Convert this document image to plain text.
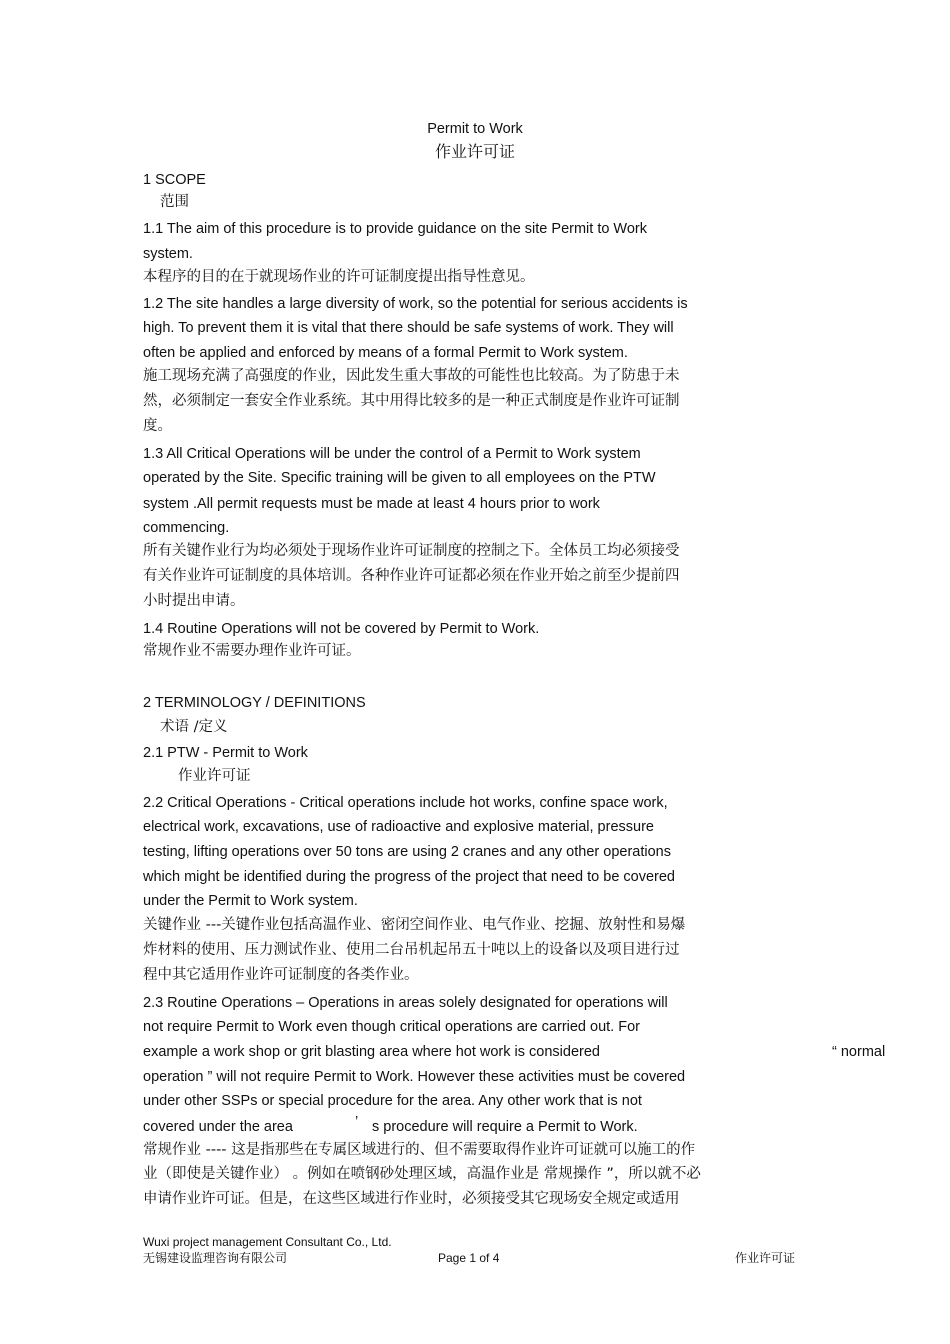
Permit to Work
作业许可证
1 SCOPE
范围
1.1 The aim of this procedure is to provide guidance on the site Permit to Work
system.
本程序的目的在于就现场作业的许可证制度提出指导性意见。
1.2 The site handles a large diversity of work, so the potential for serious accidents is
high. To prevent them it is vital that there should be safe systems of work. They will
often be applied and enforced by means of a formal Permit to Work system.
施工现场充满了高强度的作业，因此发生重大事故的可能性也比较高。为了防患于未
然，必须制定一套安全作业系统。其中用得比较多的是一种正式制度是作业许可证制
度。
1.3 All Critical Operations will be under the control of a Permit to Work system
operated by the Site. Specific training will be given to all employees on the PTW
system .All permit requests must be made at least 4 hours prior to work
commencing.
所有关键作业行为均必须处于现场作业许可证制度的控制之下。全体员工均必须接受
有关作业许可证制度的具体培训。各种作业许可证都必须在作业开始之前至少提前四
小时提出申请。
1.4 Routine Operations will not be covered by Permit to Work.
常规作业不需要办理作业许可证。
2 TERMINOLOGY / DEFINITIONS
术语 /定义
2.1 PTW - Permit to Work
作业许可证
2.2 Critical Operations - Critical operations include hot works, confine space work,
electrical work, excavations, use of radioactive and explosive material, pressure
testing, lifting operations over 50 tons are using 2 cranes and any other operations
which might be identified during the progress of the project that need to be covered
under the Permit to Work system.
关键作业 ---关键作业包括高温作业、密闭空间作业、电气作业、挖掘、放射性和易爆
炸材料的使用、压力测试作业、使用二台吊机起吊五十吨以上的设备以及项目进行过
程中其它适用作业许可证制度的各类作业。
2.3 Routine Operations – Operations in areas solely designated for operations will
not require Permit to Work even though critical operations are carried out. For
example a work shop or grit blasting area where hot work is considered	“ normal
operation ” will not require Permit to Work. However these activities must be covered
under other SSPs or special procedure for the area. Any other work that is not
covered under the area	’ s procedure will require a Permit to Work.
常规作业 ---- 这是指那些在专属区域进行的、但不需要取得作业许可证就可以施工的作
业（即使是关键作业） 。例如在喷钢砂处理区域，高温作业是 常规操作 ”，所以就不必
申请作业许可证。但是，在这些区域进行作业时，必须接受其它现场安全规定或适用
Wuxi project management Consultant Co., Ltd.
无锡建设监理咨询有限公司	Page 1 of 4	作业许可证
